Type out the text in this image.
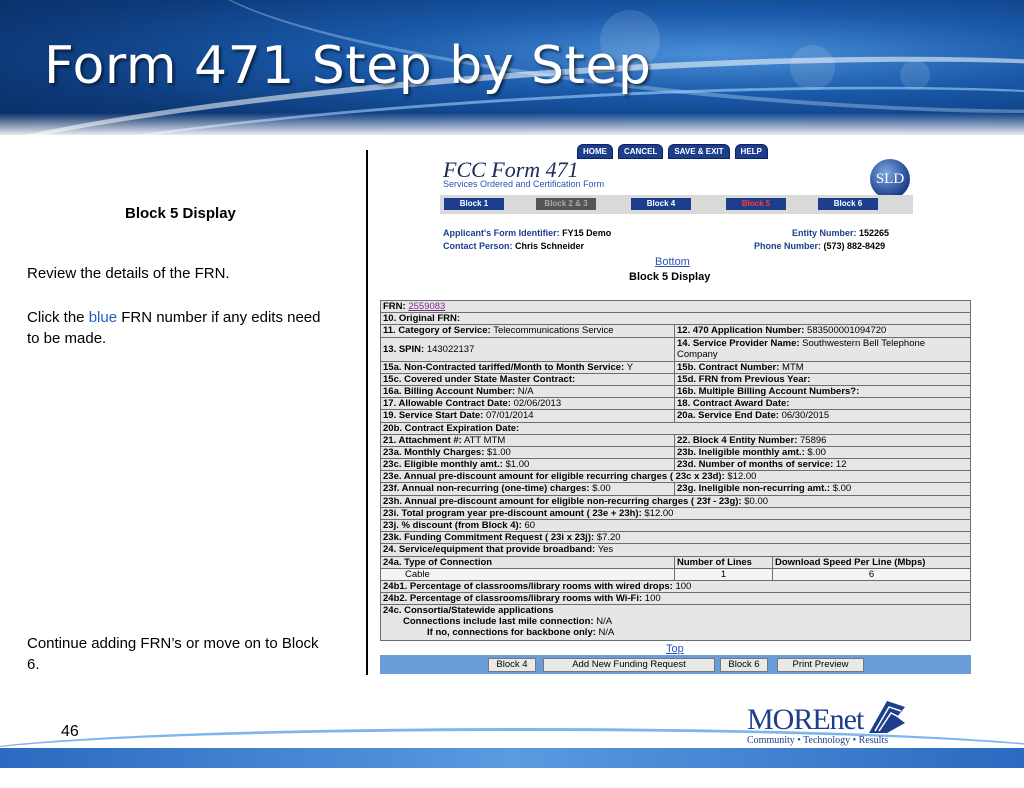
Form 471 Step by Step
Block 5 Display
Review the details of the FRN.
Click the blue FRN number if any edits need to be made.
Continue adding FRN’s or move on to Block 6.
HOME	CANCEL	SAVE & EXIT	HELP
FCC Form 471
Services Ordered and Certification Form	SLD
Block 1	Block 2 & 3	Block 4	Block 5	Block 6
Applicant's Form Identifier: FY15 Demo
Contact Person: Chris Schneider
Entity Number: 152265
Phone Number: (573) 882-8429
Bottom
Block 5 Display
FRN: 2559083		
10. Original FRN:		
11. Category of Service: Telecommunications Service	12. 470 Application Number: 583500001094720	
13. SPIN: 143022137	14. Service Provider Name: Southwestern Bell Telephone Company	
15a. Non-Contracted tariffed/Month to Month Service: Y	15b. Contract Number: MTM	
15c. Covered under State Master Contract:	15d. FRN from Previous Year:	
16a. Billing Account Number: N/A	16b. Multiple Billing Account Numbers?:	
17. Allowable Contract Date: 02/06/2013	18. Contract Award Date:	
19. Service Start Date: 07/01/2014	20a. Service End Date: 06/30/2015	
20b. Contract Expiration Date:		
21. Attachment #: ATT MTM	22. Block 4 Entity Number: 75896	
23a. Monthly Charges: $1.00	23b. Ineligible monthly amt.: $.00	
23c. Eligible monthly amt.: $1.00	23d. Number of months of service: 12	
23e. Annual pre-discount amount for eligible recurring charges ( 23c x 23d): $12.00		
23f. Annual non-recurring (one-time) charges: $.00	23g. Ineligible non-recurring amt.: $.00	
23h. Annual pre-discount amount for eligible non-recurring charges ( 23f - 23g): $0.00		
23i. Total program year pre-discount amount ( 23e + 23h): $12.00		
23j. % discount (from Block 4): 60		
23k. Funding Commitment Request ( 23i x 23j): $7.20		
24. Service/equipment that provide broadband: Yes		
24a. Type of Connection	Number of Lines	Download Speed Per Line (Mbps)
Cable	1	6
24b1. Percentage of classrooms/library rooms with wired drops: 100		
24b2. Percentage of classrooms/library rooms with Wi-Fi: 100		
24c. Consortia/Statewide applications
Connections include last mile connection: N/A
If no, connections for backbone only: N/A		
Top
Block 4	Add New Funding Request	Block 6	Print Preview
46	MOREnet
Community • Technology • Results
